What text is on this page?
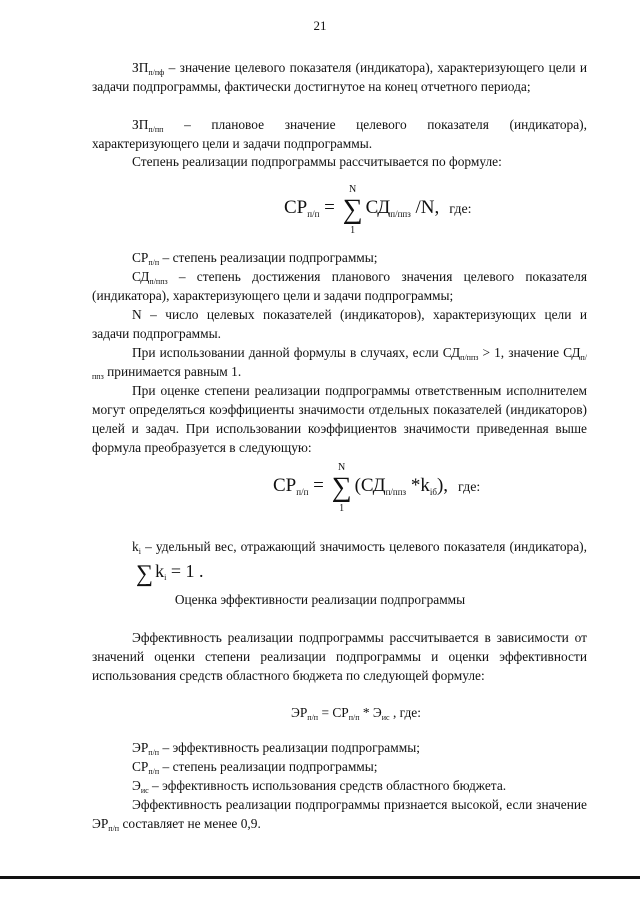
21

$ЗП_{п/пф}$ – значение целевого показателя (индикатора), характеризующего цели и задачи подпрограммы, фактически достигнутое на конец отчетного периода;

$ЗП_{п/пп}$ – плановое значение целевого показателя (индикатора), характеризующего цели и задачи подпрограммы.

Степень реализации подпрограммы рассчитывается по формуле:

$СР_{п/п}$ = ∑
N
1
$СД_{п/ппз}$ /N, где:

$СР_{п/п}$ – степень реализации подпрограммы;

$СД_{п/ппз}$ – степень достижения планового значения целевого показателя (индикатора), характеризующего цели и задачи подпрограммы;

N – число целевых показателей (индикаторов), характеризующих цели и задачи подпрограммы.

При использовании данной формулы в случаях, если $СД_{п/ппз} > 1$, значение $СД_{п/ппз}$ принимается равным 1.

При оценке степени реализации подпрограммы ответственным исполнителем могут определяться коэффициенты значимости отдельных показателей (индикаторов) целей и задач. При использовании коэффициентов значимости приведенная выше формула преобразуется в следующую:

$СР_{п/п}$ = ∑
N
1
($СД_{п/ппз}$ $*k_{іб}$), где:

$k_i$ – удельный вес, отражающий значимость целевого показателя (индикатора),∑ $k_i = 1$ .

Оценка эффективности реализации подпрограммы

Эффективность реализации подпрограммы рассчитывается в зависимости от значений оценки степени реализации подпрограммы и оценки эффективности использования средств областного бюджета по следующей формуле:

$ЭР_{п/п} = СР_{п/п} * Э_{ис}$ , где:

$ЭР_{п/п}$ – эффективность реализации подпрограммы;

$СР_{п/п}$ – степень реализации подпрограммы;

$Э_{ис}$ – эффективность использования средств областного бюджета.

Эффективность реализации подпрограммы признается высокой, если значение $ЭР_{п/п}$ составляет не менее 0,9.
